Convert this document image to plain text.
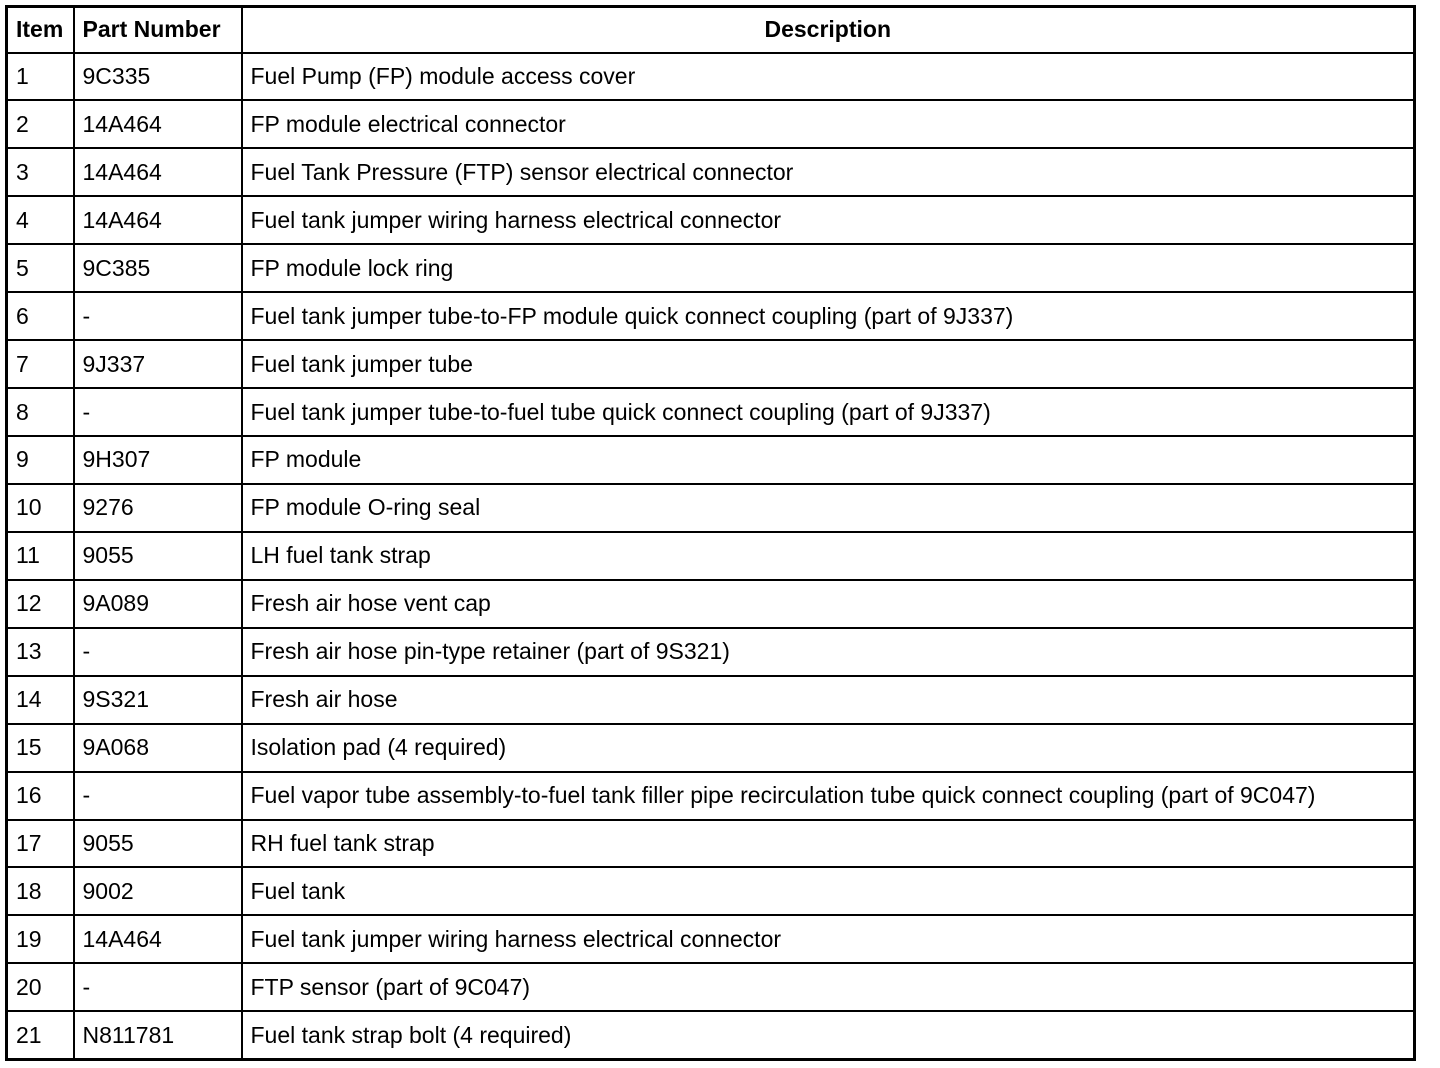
Item	Part Number	Description
1	9C335	Fuel Pump (FP) module access cover
2	14A464	FP module electrical connector
3	14A464	Fuel Tank Pressure (FTP) sensor electrical connector
4	14A464	Fuel tank jumper wiring harness electrical connector
5	9C385	FP module lock ring
6	-	Fuel tank jumper tube-to-FP module quick connect coupling (part of 9J337)
7	9J337	Fuel tank jumper tube
8	-	Fuel tank jumper tube-to-fuel tube quick connect coupling (part of 9J337)
9	9H307	FP module
10	9276	FP module O-ring seal
11	9055	LH fuel tank strap
12	9A089	Fresh air hose vent cap
13	-	Fresh air hose pin-type retainer (part of 9S321)
14	9S321	Fresh air hose
15	9A068	Isolation pad (4 required)
16	-	Fuel vapor tube assembly-to-fuel tank filler pipe recirculation tube quick connect coupling (part of 9C047)
17	9055	RH fuel tank strap
18	9002	Fuel tank
19	14A464	Fuel tank jumper wiring harness electrical connector
20	-	FTP sensor (part of 9C047)
21	N811781	Fuel tank strap bolt (4 required)
